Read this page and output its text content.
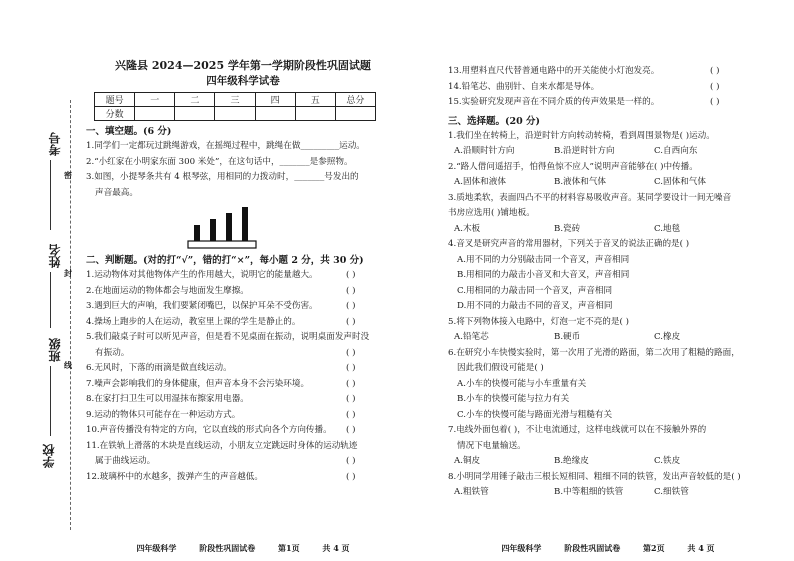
考号
姓名
班级
学校
密
封
线
兴隆县 2024—2025 学年第一学期阶段性巩固试题
四年级科学试卷
题号	一	二	三	四	五	总分
分数						
一、填空题。(6 分)
1.同学们一定都玩过跳绳游戏，在摇绳过程中，跳绳在做_________运动。
2.“小红家在小明家东面 300 米处”，在这句话中，_______是参照物。
3.如图，小提琴条共有 4 根琴弦，用相同的力拨动时，_______号发出的
声音最高。
二、判断题。(对的打“√”，错的打“×”，每小题 2 分，共 30 分)
1.运动物体对其他物体产生的作用越大，说明它的能量越大。	( )
2.在地面运动的物体都会与地面发生摩擦。	( )
3.遇到巨大的声响，我们要紧闭嘴巴，以保护耳朵不受伤害。	( )
4.操场上跑步的人在运动，教室里上课的学生是静止的。	( )
5.我们敲桌子时可以听见声音，但是看不见桌面在振动，说明桌面发声时没
有振动。	( )
6.无风时，下落的雨滴是做直线运动。	( )
7.噪声会影响我们的身体健康，但声音本身不会污染环境。	( )
8.在家打扫卫生可以用湿抹布擦家用电器。	( )
9.运动的物体只可能存在一种运动方式。	( )
10.声音传播没有特定的方向，它以直线的形式向各个方向传播。 ( )
11.在铁轨上滑落的木块是直线运动，小朋友立定跳远时身体的运动轨迹
属于曲线运动。	( )
12.玻璃杯中的水越多，拨弹产生的声音越低。	( )
四年级科学	阶段性巩固试卷	第1页	共 4 页
13.用塑料直尺代替普通电路中的开关能使小灯泡发亮。	( )
14.铅笔芯、曲别针、自来水都是导体。	( )
15.实验研究发现声音在不同介质的传声效果是一样的。	( )
三、选择题。(20 分)
1.我们坐在转椅上，沿逆时针方向转动转椅，看到周围景物是( )运动。
A.沿顺时针方向	B.沿逆时针方向	C.自西向东
2.“路人借问遥招手，怕得鱼惊不应人”说明声音能够在( )中传播。
A.固体和液体	B.液体和气体	C.固体和气体
3.质地柔软，表面四凸不平的材料容易吸收声音。某同学要设计一间无噪音
书房应选用( )铺地板。
A.木板	B.瓷砖	C.地毯
4.音叉是研究声音的常用器材，下列关于音叉的说法正确的是( )
A.用不同的力分别敲击同一个音叉，声音相同
B.用相同的力敲击小音叉和大音叉，声音相同
C.用相同的力敲击同一个音叉，声音相同
D.用不同的力敲击不同的音叉，声音相同
5.将下列物体接入电路中，灯泡一定不亮的是( )
A.铅笔芯	B.硬币	C.橡皮
6.在研究小车快慢实验时，第一次用了光滑的路面，第二次用了粗糙的路面，
因此我们假设可能是( )
A.小车的快慢可能与小车重量有关
B.小车的快慢可能与拉力有关
C.小车的快慢可能与路面光滑与粗糙有关
7.电线外面包着( )，不让电流通过，这样电线就可以在不接触外界的
情况下电量输送。
A.铜皮	B.绝缘皮	C.铁皮
8.小明同学用锤子敲击三根长短相同、粗细不同的铁管，发出声音较低的是( )
A.粗铁管	B.中等粗细的铁管	C.细铁管
四年级科学	阶段性巩固试卷	第2页	共 4 页
